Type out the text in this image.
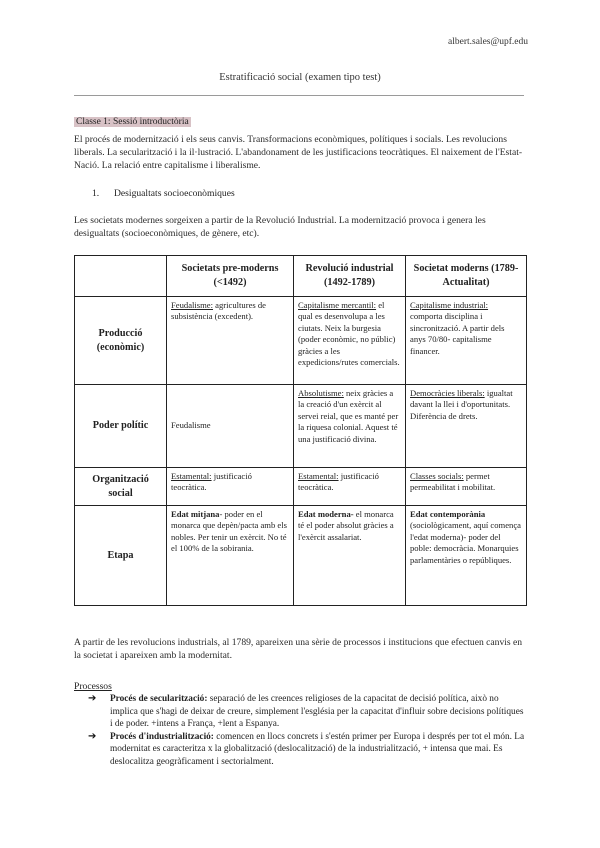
albert.sales@upf.edu
Estratificació social (examen tipo test)
Classe 1: Sessió introductòria
El procés de modernització i els seus canvis. Transformacions econòmiques, polítiques i socials. Les revolucions liberals. La secularització i la il·lustració. L'abandonament de les justificacions teocràtiques. El naixement de l'Estat- Nació. La relació entre capitalisme i liberalisme.
1. Desigualtats socioeconòmiques
Les societats modernes sorgeixen a partir de la Revolució Industrial. La modernització provoca i genera les desigualtats (socioeconòmiques, de gènere, etc).
	Societats pre-moderns (<1492)	Revolució industrial (1492-1789)	Societat moderns (1789-Actualitat)
Producció (econòmic)	Feudalisme: agricultures de subsistència (excedent).	Capitalisme mercantil: el qual es desenvolupa a les ciutats. Neix la burgesia (poder econòmic, no públic) gràcies a les expedicions/rutes comercials.	Capitalisme industrial: comporta disciplina i sincronització. A partir dels anys 70/80- capitalisme financer.
Poder polític	Feudalisme	Absolutisme: neix gràcies a la creació d'un exèrcit al servei reial, que es manté per la riquesa colonial. Aquest té una justificació divina.	Democràcies liberals: igualtat davant la llei i d'oportunitats. Diferència de drets.
Organització social	Estamental: justificació teocràtica.	Estamental: justificació teocràtica.	Classes socials: permet permeabilitat i mobilitat.
Etapa	Edat mitjana- poder en el monarca que depèn/pacta amb els nobles. Per tenir un exèrcit. No té el 100% de la sobirania.	Edat moderna- el monarca té el poder absolut gràcies a l'exèrcit assalariat.	Edat contemporània (sociològicament, aquí comença l'edat moderna)- poder del poble: democràcia. Monarquies parlamentàries o repúbliques.
A partir de les revolucions industrials, al 1789, apareixen una sèrie de processos i institucions que efectuen canvis en la societat i apareixen amb la modernitat.
Processos
➔ Procés de secularització: separació de les creences religioses de la capacitat de decisió política, això no implica que s'hagi de deixar de creure, simplement l'església per la capacitat d'influir sobre decisions polítiques i de poder. +intens a França, +lent a Espanya.
➔ Procés d'industrialització: comencen en llocs concrets i s'estén primer per Europa i després per tot el món. La modernitat es caracteritza x la globalització (deslocalització) de la industrialització, + intensa que mai. Es deslocalitza geogràficament i sectorialment.
